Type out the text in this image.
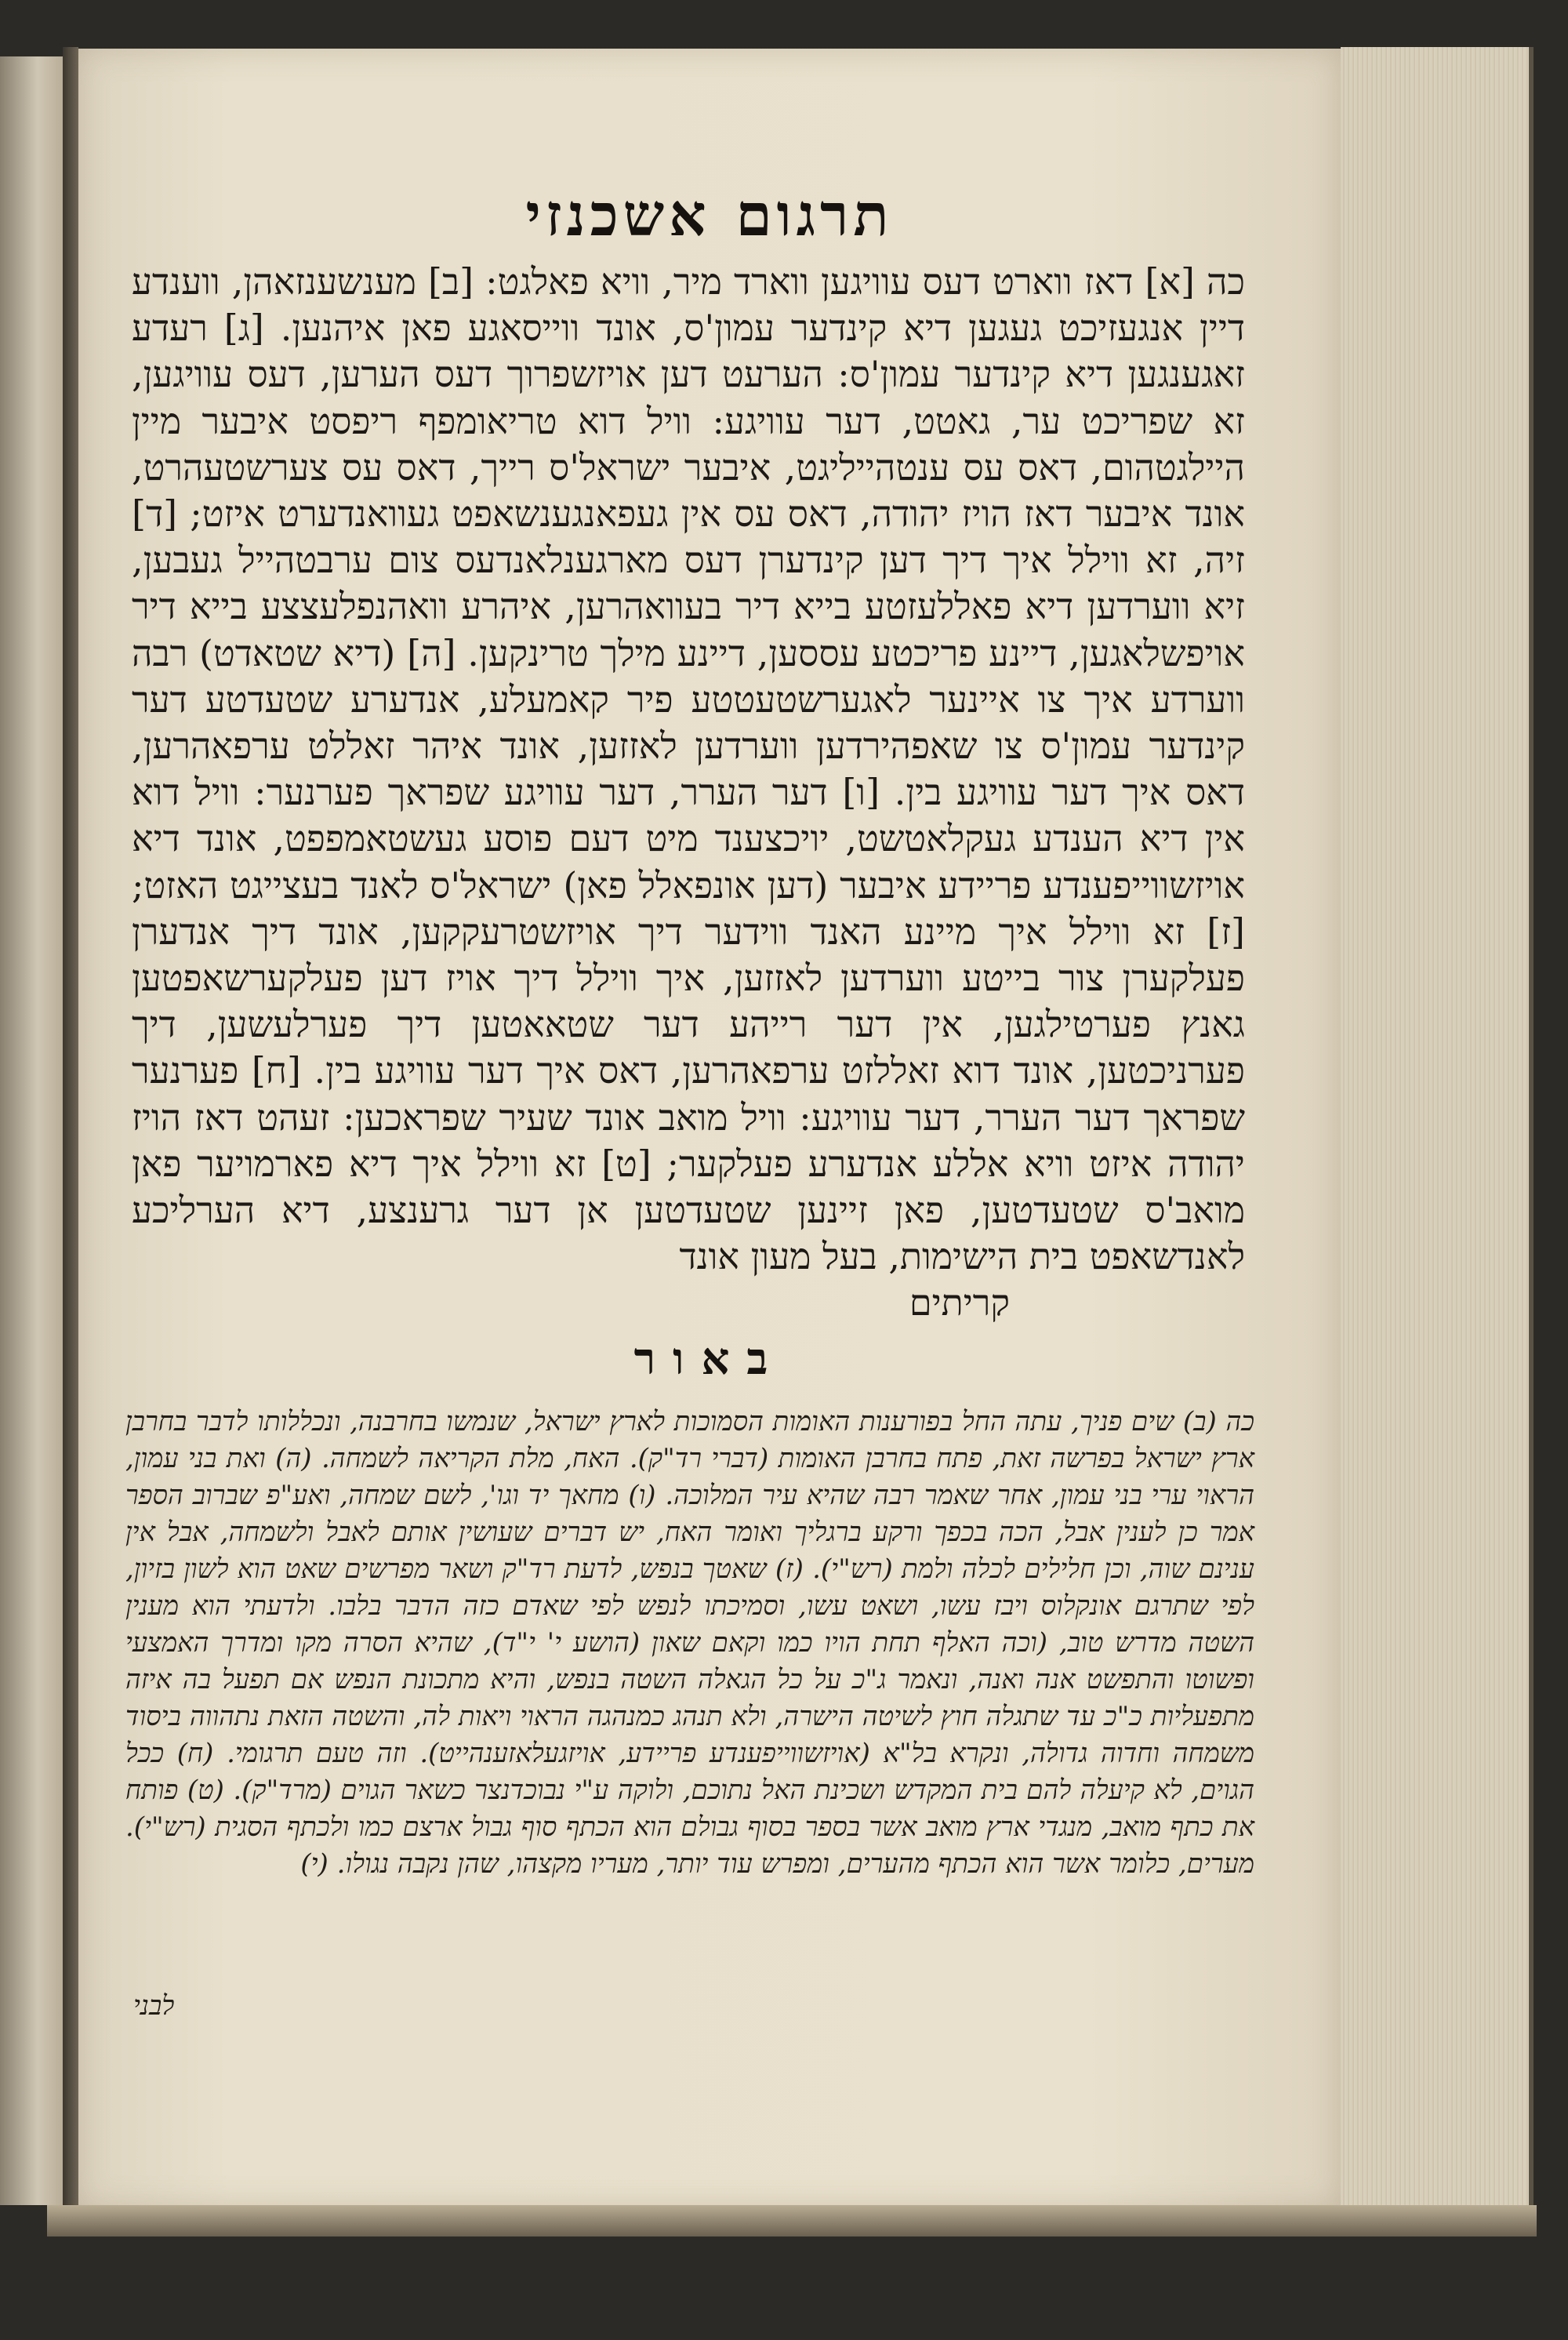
תרגום אשכנזי
כה [א] דאז ווארט דעס עוויגען ווארד מיר, וויא פאלגט: [ב] מענשענזאהן, ווענדע דיין אנגעזיכט געגען דיא קינדער עמון'ס, אונד ווייסאגע פאן איהנען. [ג] רעדע זאגענגען דיא קינדער עמון'ס: הערעט דען אויזשפרוך דעס הערען, דעס עוויגען, זא שפריכט ער, גאטט, דער עוויגע: וויל דוא טריאומפף ריפסט איבער מיין היילגטהום, דאס עס ענטהייליגט, איבער ישראל'ס רייך, דאס עס צערשטעהרט, אונד איבער דאז הויז יהודה, דאס עס אין געפאנגענשאפט געוואנדערט איזט; [ד] זיה, זא ווילל איך דיך דען קינדערן דעס מארגענלאנדעס צום ערבטהייל געבען, זיא ווערדען דיא פאללעזטע בייא דיר בעוואהרען, איהרע וואהנפלעצצע בייא דיר אויפשלאגען, דיינע פריכטע עססען, דיינע מילך טרינקען. [ה] (דיא שטאדט) רבה ווערדע איך צו איינער לאגערשטעטטע פיר קאמעלע, אנדערע שטעדטע דער קינדער עמון'ס צו שאפהירדען ווערדען לאזזען, אונד איהר זאללט ערפאהרען, דאס איך דער עוויגע בין. [ו] דער הערר, דער עוויגע שפראך פערנער: וויל דוא אין דיא הענדע געקלאטשט, יויכצענד מיט דעם פוסע געשטאמפפט, אונד דיא אויזשווייפענדע פריידע איבער (דען אונפאלל פאן) ישראל'ס לאנד בעצייגט האזט; [ז] זא ווילל איך מיינע האנד ווידער דיך אויזשטרעקקען, אונד דיך אנדערן פעלקערן צור בייטע ווערדען לאזזען, איך ווילל דיך אויז דען פעלקערשאפטען גאנץ פערטילגען, אין דער רייהע דער שטאאטען דיך פערלעשען, דיך פערניכטען, אונד דוא זאללזט ערפאהרען, דאס איך דער עוויגע בין. [ח] פערנער שפראך דער הערר, דער עוויגע: וויל מואב אונד שעיר שפראכען: זעהט דאז הויז יהודה איזט וויא אללע אנדערע פעלקער; [ט] זא ווילל איך דיא פארמויער פאן מואב'ס שטעדטען, פאן זיינען שטעדטען אן דער גרענצע, דיא הערליכע לאנדשאפט בית הישימות, בעל מעון אונד
קריתים
באור
כה (ב) שים פניך, עתה החל בפורענות האומות הסמוכות לארץ ישראל, שנמשו בחרבנה, ונכללותו לדבר בחרבן ארץ ישראל בפרשה זאת, פתח בחרבן האומות (דברי רד"ק). האח, מלת הקריאה לשמחה. (ה) ואת בני עמון, הראוי ערי בני עמון, אחר שאמר רבה שהיא עיר המלוכה. (ו) מחאך יד וגו', לשם שמחה, ואע"פ שברוב הספר אמר כן לענין אבל, הכה בכפך ורקע ברגליך ואומר האח, יש דברים שעושין אותם לאבל ולשמחה, אבל אין ענינם שוה, וכן חלילים לכלה ולמת (רש"י). (ז) שאטך בנפש, לדעת רד"ק ושאר מפרשים שאט הוא לשון בזיון, לפי שתרגם אונקלוס ויבז עשו, ושאט עשו, וסמיכתו לנפש לפי שאדם כזה הדבר בלבו. ולדעתי הוא מענין השטה מדרש טוב, (וכה האלף תחת הויו כמו וקאם שאון (הושע י' י"ד), שהיא הסרה מקו ומדרך האמצעי ופשוטו והתפשט אנה ואנה, ונאמר ג"כ על כל הגאלה השטה בנפש, והיא מתכונת הנפש אם תפעל בה איזה מתפעליות כ"כ עד שתגלה חוץ לשיטה הישרה, ולא תנהג כמנהגה הראוי ויאות לה, והשטה הזאת נתהווה ביסוד משמחה וחדוה גדולה, ונקרא בל"א (אויזשווייפענדע פריידע, אויזגעלאזענהייט). וזה טעם תרגומי. (ח) ככל הגוים, לא קיעלה להם בית המקדש ושכינת האל נתוכם, ולוקה ע"י נבוכדנצר כשאר הגוים (מרד"ק). (ט) פותח את כתף מואב, מנגדי ארץ מואב אשר בספר בסוף גבולם הוא הכתף סוף גבול ארצם כמו ולכתף הסגית (רש"י). מערים, כלומר אשר הוא הכתף מהערים, ומפרש עוד יותר, מעריו מקצהו, שהן נקבה נגולו. (י)
לבני
